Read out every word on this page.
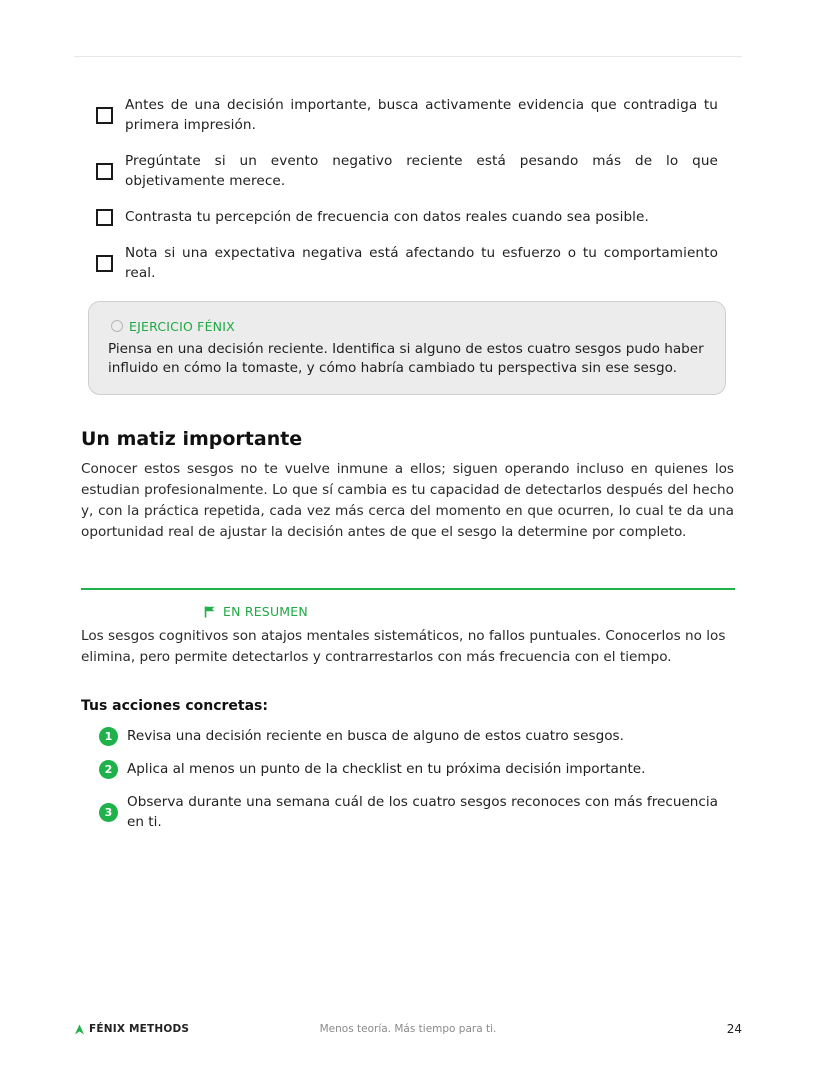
Antes de una decisión importante, busca activamente evidencia que contradiga tu primera impresión.
Pregúntate si un evento negativo reciente está pesando más de lo que objetivamente merece.
Contrasta tu percepción de frecuencia con datos reales cuando sea posible.
Nota si una expectativa negativa está afectando tu esfuerzo o tu comportamiento real.
EJERCICIO FÉNIX
Piensa en una decisión reciente. Identifica si alguno de estos cuatro sesgos pudo haber influido en cómo la tomaste, y cómo habría cambiado tu perspectiva sin ese sesgo.
Un matiz importante
Conocer estos sesgos no te vuelve inmune a ellos; siguen operando incluso en quienes los estudian profesionalmente. Lo que sí cambia es tu capacidad de detectarlos después del hecho y, con la práctica repetida, cada vez más cerca del momento en que ocurren, lo cual te da una oportunidad real de ajustar la decisión antes de que el sesgo la determine por completo.
EN RESUMEN
Los sesgos cognitivos son atajos mentales sistemáticos, no fallos puntuales. Conocerlos no los elimina, pero permite detectarlos y contrarrestarlos con más frecuencia con el tiempo.
Tus acciones concretas:
1	Revisa una decisión reciente en busca de alguno de estos cuatro sesgos.
2	Aplica al menos un punto de la checklist en tu próxima decisión importante.
3
Observa durante una semana cuál de los cuatro sesgos reconoces con más frecuencia en ti.
FÉNIX METHODS	Menos teoría. Más tiempo para ti.	24
